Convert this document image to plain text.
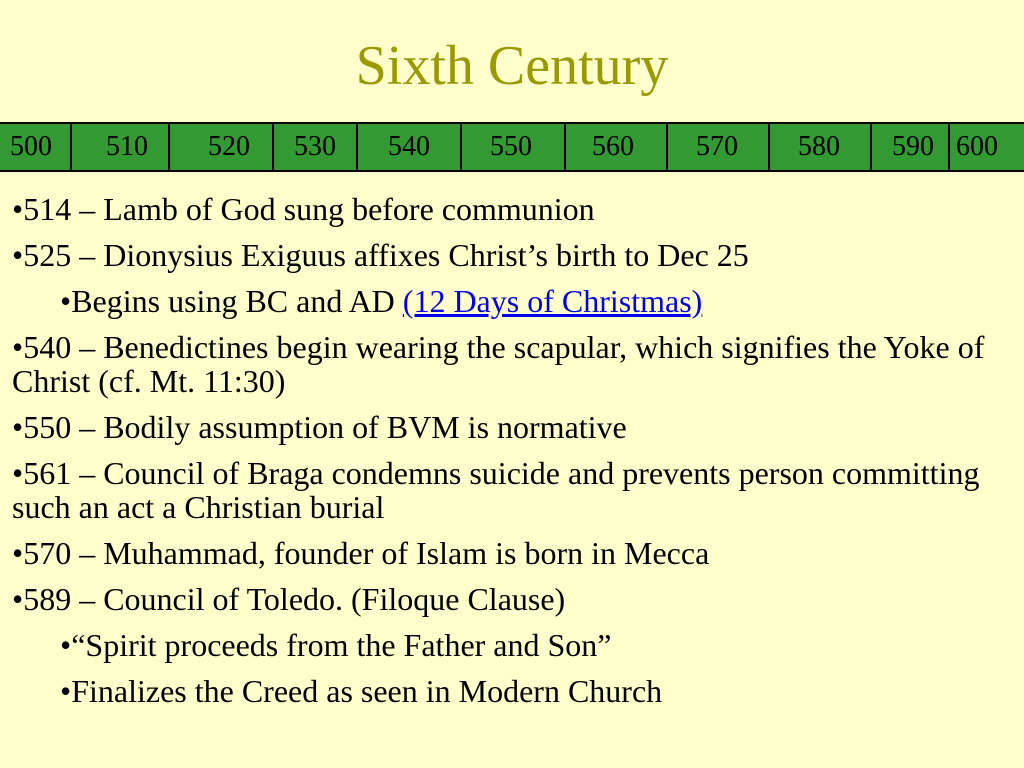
Sixth Century
500	510	520	530	540	550	560	570	580	590 600
•514 – Lamb of God sung before communion
•525 – Dionysius Exiguus affixes Christ’s birth to Dec 25
•Begins using BC and AD (12 Days of Christmas)
•540 – Benedictines begin wearing the scapular, which signifies the Yoke of Christ (cf. Mt. 11:30)
•550 – Bodily assumption of BVM is normative
•561 – Council of Braga condemns suicide and prevents person committing such an act a Christian burial
•570 – Muhammad, founder of Islam is born in Mecca
•589 – Council of Toledo. (Filoque Clause)
•“Spirit proceeds from the Father and Son”
•Finalizes the Creed as seen in Modern Church
